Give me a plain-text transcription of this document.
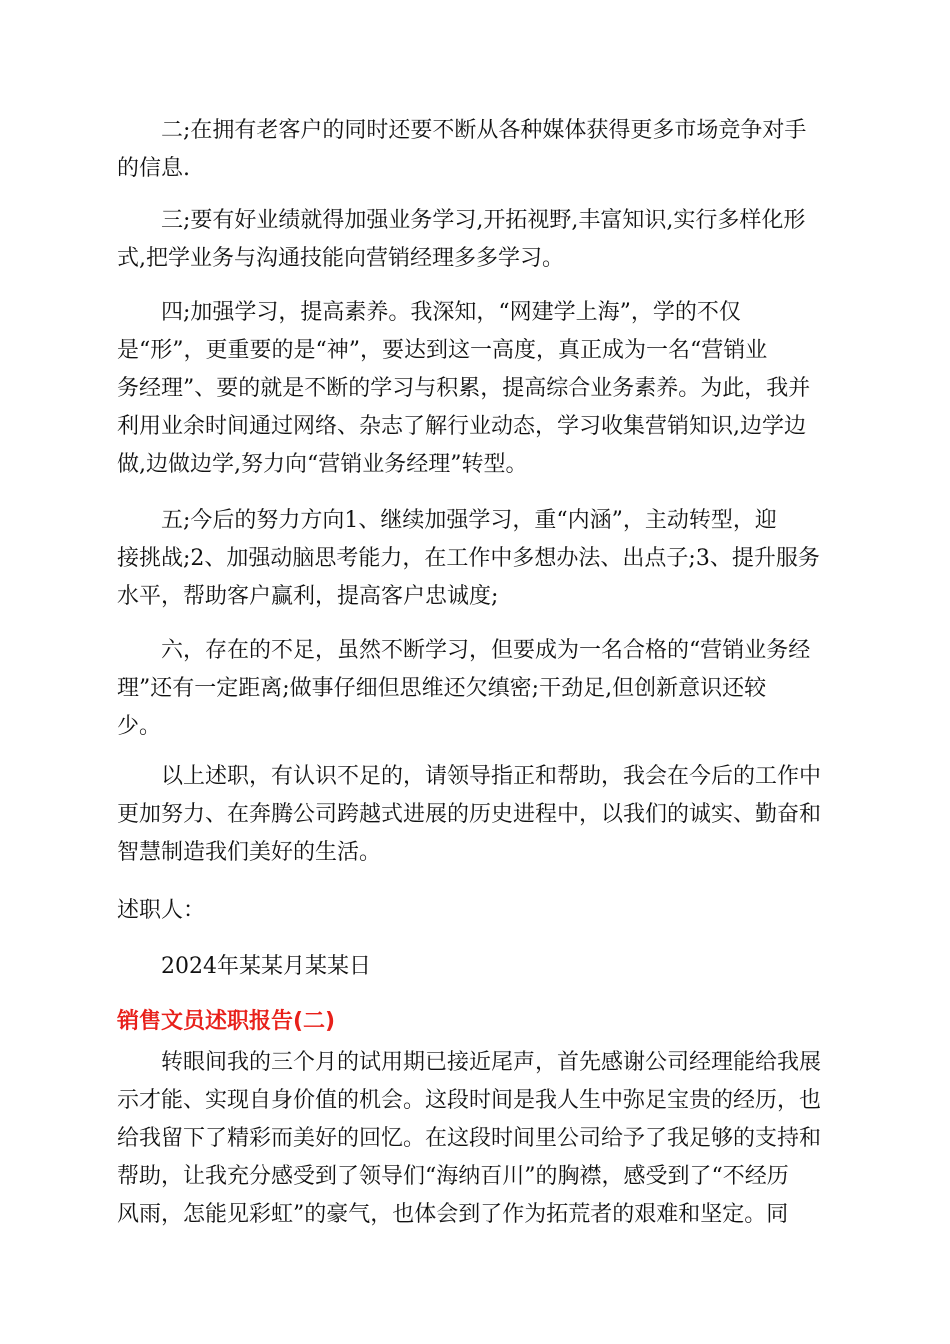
二;在拥有老客户的同时还要不断从各种媒体获得更多市场竞争对手
的信息.
三;要有好业绩就得加强业务学习,开拓视野,丰富知识,实行多样化形
式,把学业务与沟通技能向营销经理多多学习。
四;加强学习，提高素养。我深知，“网建学上海”，学的不仅
是“形”，更重要的是“神”，要达到这一高度，真正成为一名“营销业
务经理”、要的就是不断的学习与积累，提高综合业务素养。为此，我并
利用业余时间通过网络、杂志了解行业动态，学习收集营销知识,边学边
做,边做边学,努力向“营销业务经理”转型。
五;今后的努力方向1、继续加强学习，重“内涵”，主动转型，迎
接挑战;2、加强动脑思考能力，在工作中多想办法、出点子;3、提升服务
水平，帮助客户赢利，提高客户忠诚度;
六，存在的不足，虽然不断学习，但要成为一名合格的“营销业务经
理”还有一定距离;做事仔细但思维还欠缜密;干劲足,但创新意识还较
少。
以上述职，有认识不足的，请领导指正和帮助，我会在今后的工作中
更加努力、在奔腾公司跨越式进展的历史进程中，以我们的诚实、勤奋和
智慧制造我们美好的生活。
述职人：
2024年某某月某某日
销售文员述职报告(二)
转眼间我的三个月的试用期已接近尾声，首先感谢公司经理能给我展
示才能、实现自身价值的机会。这段时间是我人生中弥足宝贵的经历，也
给我留下了精彩而美好的回忆。在这段时间里公司给予了我足够的支持和
帮助，让我充分感受到了领导们“海纳百川”的胸襟，感受到了“不经历
风雨，怎能见彩虹”的豪气，也体会到了作为拓荒者的艰难和坚定。同
